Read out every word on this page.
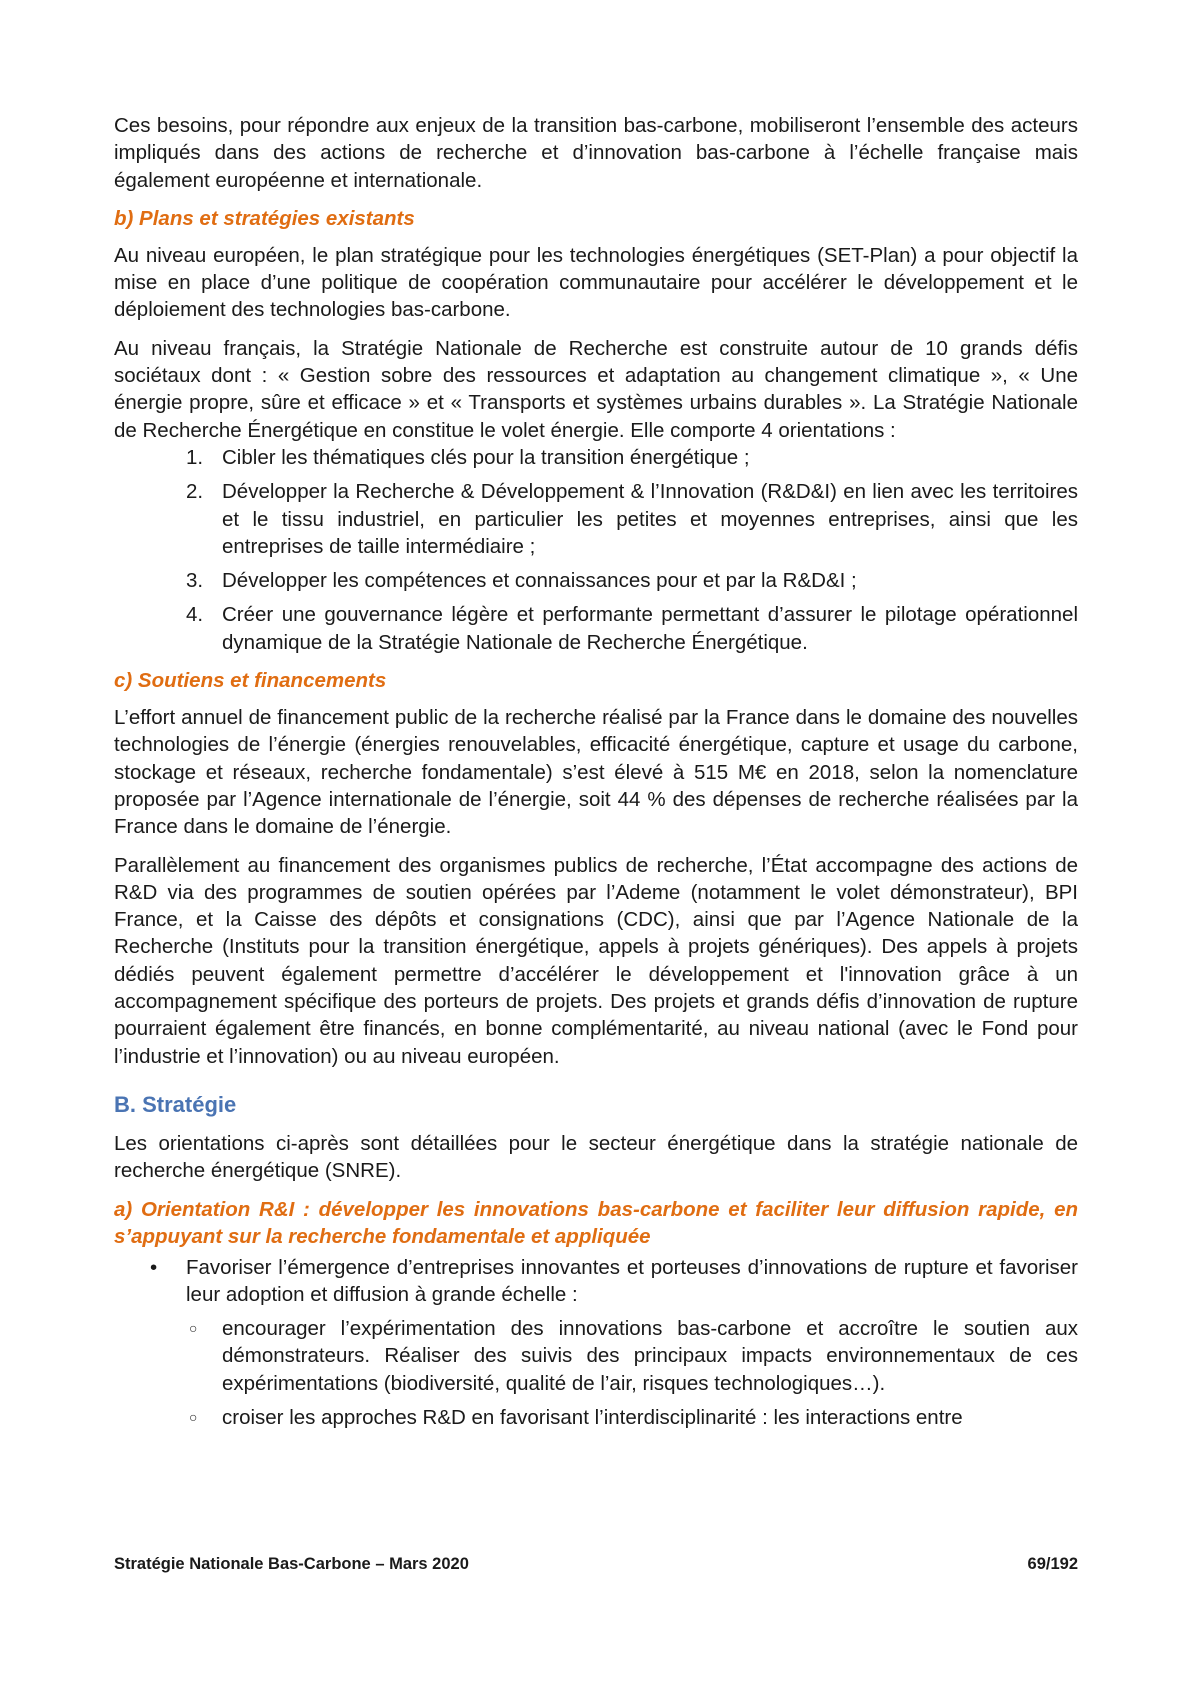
Ces besoins, pour répondre aux enjeux de la transition bas-carbone, mobiliseront l’ensemble des acteurs impliqués dans des actions de recherche et d’innovation bas-carbone à l’échelle française mais également européenne et internationale.

b) Plans et stratégies existants

Au niveau européen, le plan stratégique pour les technologies énergétiques (SET-Plan) a pour objectif la mise en place d’une politique de coopération communautaire pour accélérer le développement et le déploiement des technologies bas-carbone.

Au niveau français, la Stratégie Nationale de Recherche est construite autour de 10 grands défis sociétaux dont : « Gestion sobre des ressources et adaptation au changement climatique », « Une énergie propre, sûre et efficace » et « Transports et systèmes urbains durables ». La Stratégie Nationale de Recherche Énergétique en constitue le volet énergie. Elle comporte 4 orientations :

1. Cibler les thématiques clés pour la transition énergétique ;

2. Développer la Recherche & Développement & l’Innovation (R&D&I) en lien avec les territoires et le tissu industriel, en particulier les petites et moyennes entreprises, ainsi que les entreprises de taille intermédiaire ;

3. Développer les compétences et connaissances pour et par la R&D&I ;

4. Créer une gouvernance légère et performante permettant d’assurer le pilotage opérationnel dynamique de la Stratégie Nationale de Recherche Énergétique.

c) Soutiens et financements

L’effort annuel de financement public de la recherche réalisé par la France dans le domaine des nouvelles technologies de l’énergie (énergies renouvelables, efficacité énergétique, capture et usage du carbone, stockage et réseaux, recherche fondamentale) s’est élevé à 515 M€ en 2018, selon la nomenclature proposée par l’Agence internationale de l’énergie, soit 44 % des dépenses de recherche réalisées par la France dans le domaine de l’énergie.

Parallèlement au financement des organismes publics de recherche, l’État accompagne des actions de R&D via des programmes de soutien opérées par l’Ademe (notamment le volet démonstrateur), BPI France, et la Caisse des dépôts et consignations (CDC), ainsi que par l’Agence Nationale de la Recherche (Instituts pour la transition énergétique, appels à projets génériques). Des appels à projets dédiés peuvent également permettre d’accélérer le développement et l'innovation grâce à un accompagnement spécifique des porteurs de projets. Des projets et grands défis d’innovation de rupture pourraient également être financés, en bonne complémentarité, au niveau national (avec le Fond pour l’industrie et l’innovation) ou au niveau européen.

B. Stratégie

Les orientations ci-après sont détaillées pour le secteur énergétique dans la stratégie nationale de recherche énergétique (SNRE).

a) Orientation R&I : développer les innovations bas-carbone et faciliter leur diffusion rapide, en s’appuyant sur la recherche fondamentale et appliquée
• Favoriser l’émergence d’entreprises innovantes et porteuses d’innovations de rupture et favoriser leur adoption et diffusion à grande échelle :

○ encourager l’expérimentation des innovations bas-carbone et accroître le soutien aux démonstrateurs. Réaliser des suivis des principaux impacts environnementaux de ces expérimentations (biodiversité, qualité de l’air, risques technologiques…).

○ croiser les approches R&D en favorisant l’interdisciplinarité : les interactions entre

Stratégie Nationale Bas-Carbone – Mars 2020	69/192
